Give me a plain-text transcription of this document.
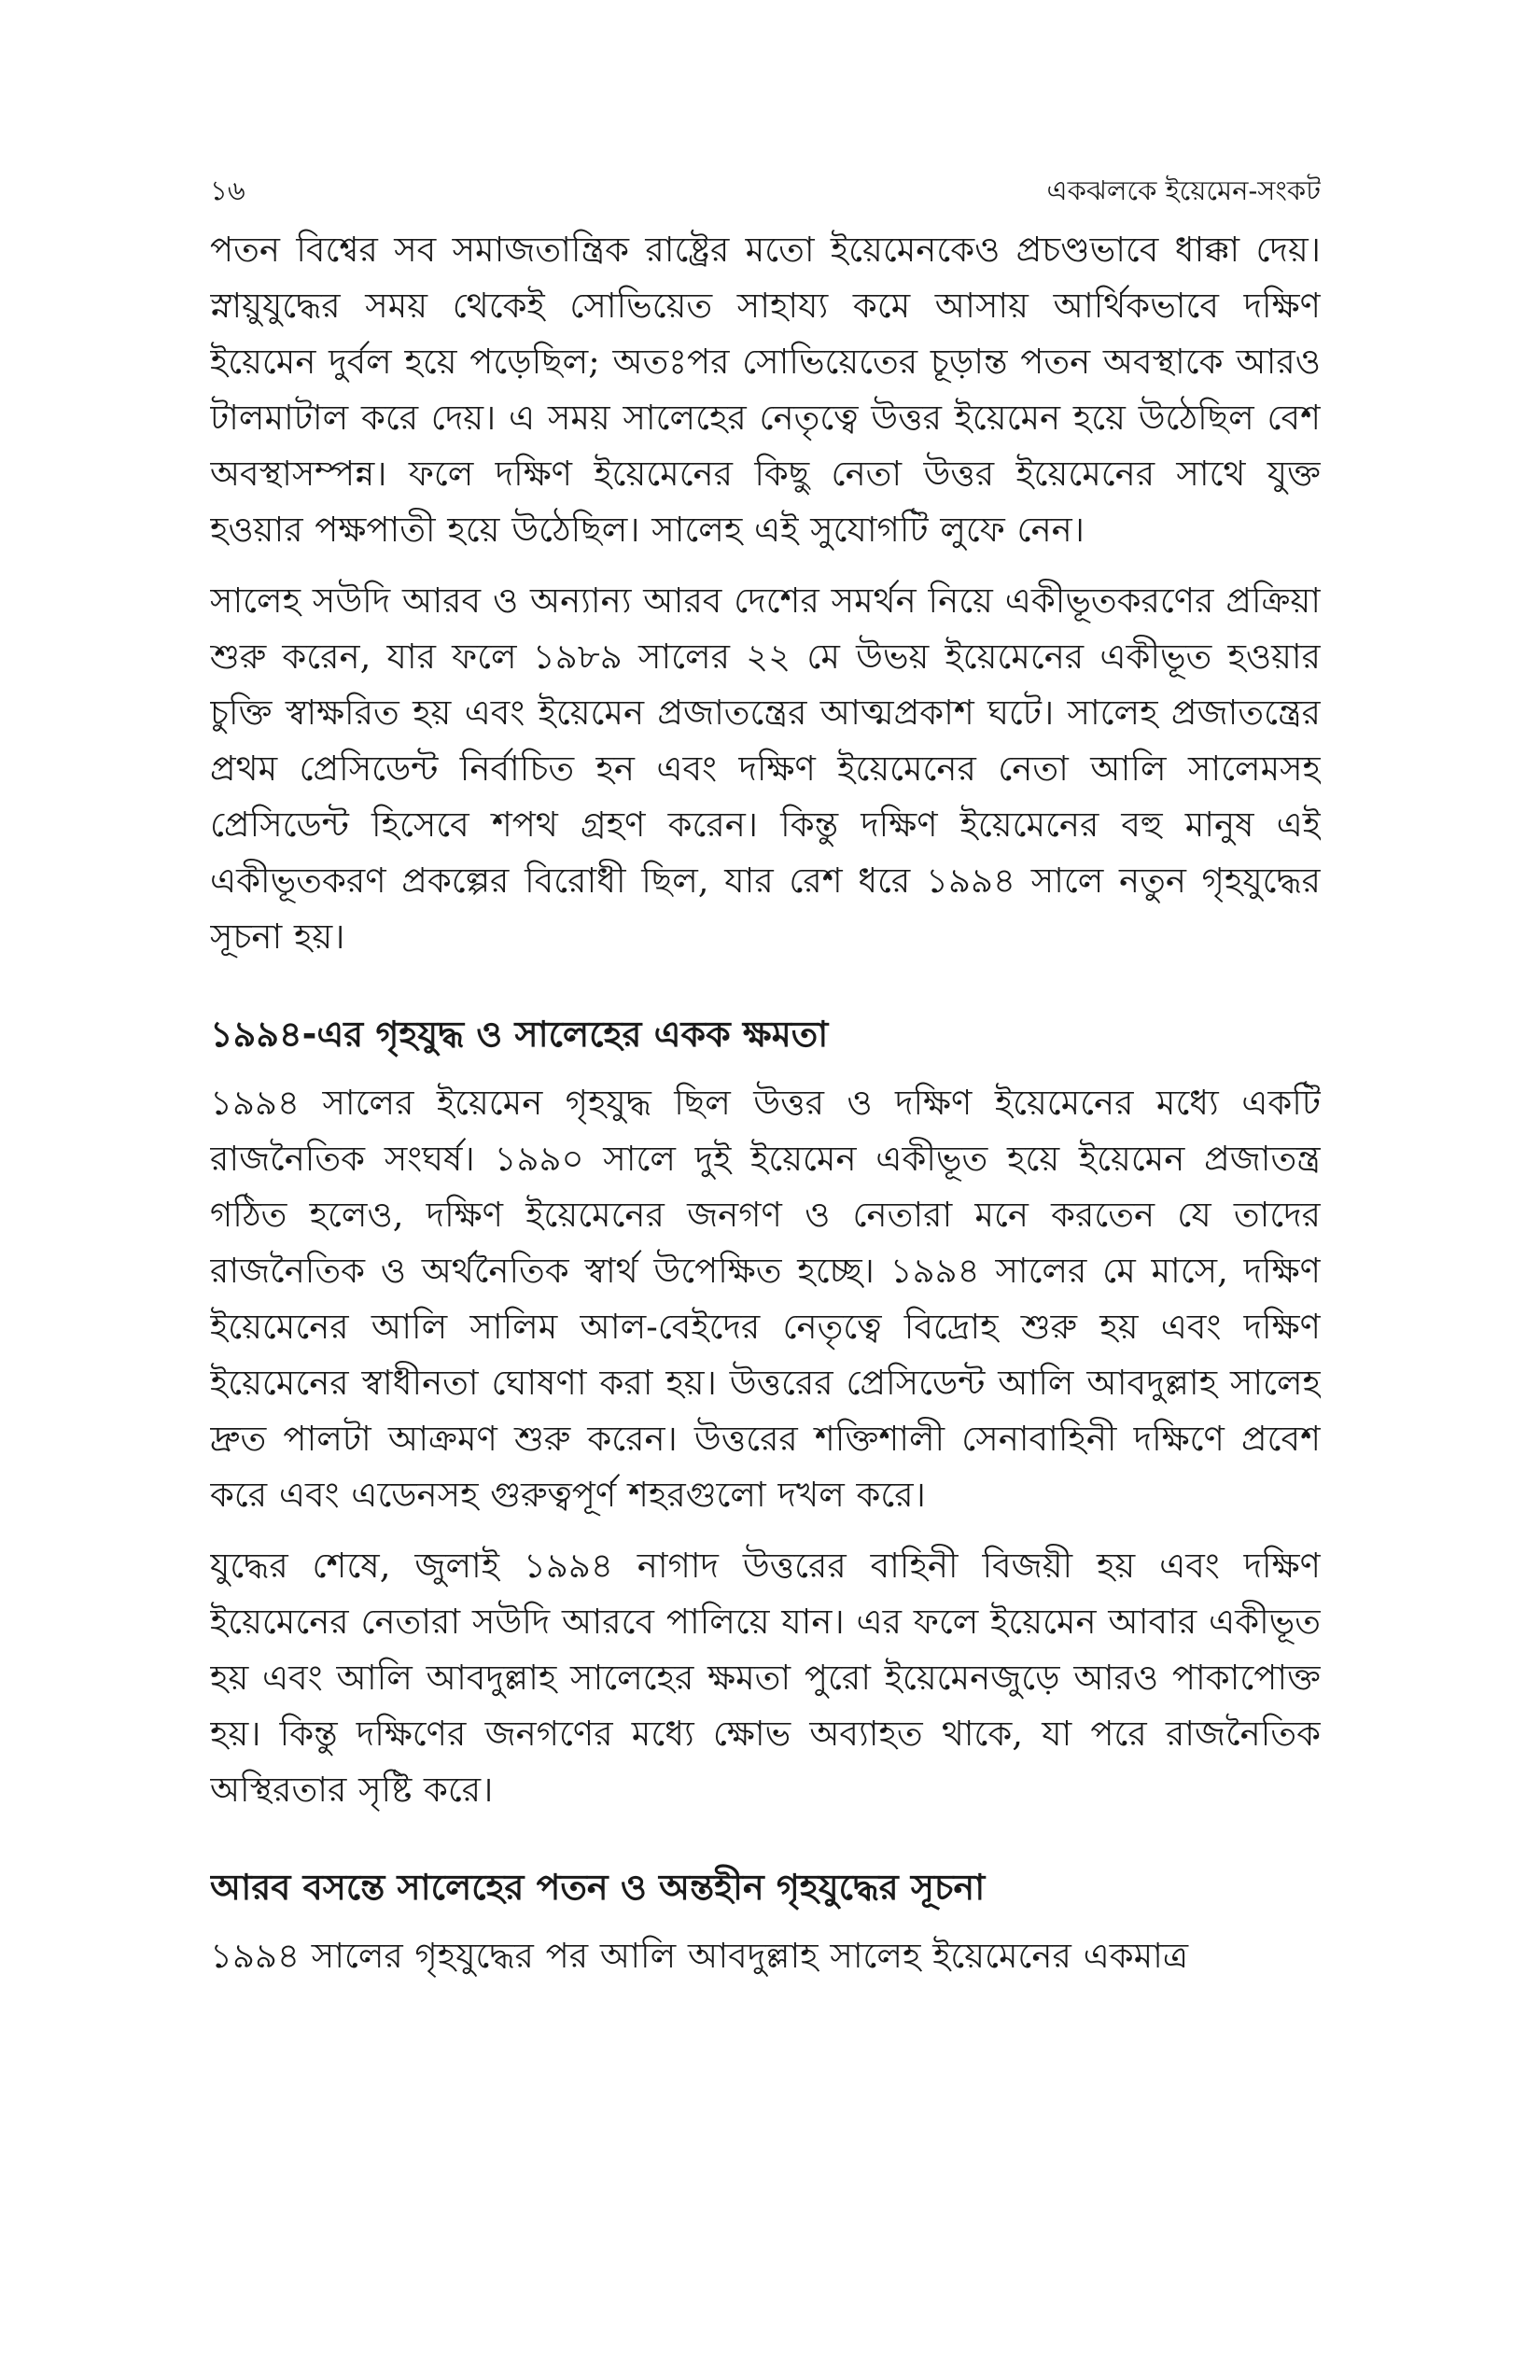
১৬	একঝলকে ইয়েমেন-সংকট

পতন বিশ্বের সব সমাজতান্ত্রিক রাষ্ট্রের মতো ইয়েমেনকেও প্রচণ্ডভাবে ধাক্কা দেয়। স্নায়ুযুদ্ধের সময় থেকেই সোভিয়েত সাহায্য কমে আসায় আর্থিকভাবে দক্ষিণ ইয়েমেন দুর্বল হয়ে পড়েছিল; অতঃপর সোভিয়েতের চূড়ান্ত পতন অবস্থাকে আরও টালমাটাল করে দেয়। এ সময় সালেহের নেতৃত্বে উত্তর ইয়েমেন হয়ে উঠেছিল বেশ অবস্থাসম্পন্ন। ফলে দক্ষিণ ইয়েমেনের কিছু নেতা উত্তর ইয়েমেনের সাথে যুক্ত হওয়ার পক্ষপাতী হয়ে উঠেছিল। সালেহ এই সুযোগটি লুফে নেন।

সালেহ সউদি আরব ও অন্যান্য আরব দেশের সমর্থন নিয়ে একীভূতকরণের প্রক্রিয়া শুরু করেন, যার ফলে ১৯৮৯ সালের ২২ মে উভয় ইয়েমেনের একীভূত হওয়ার চুক্তি স্বাক্ষরিত হয় এবং ইয়েমেন প্রজাতন্ত্রের আত্মপ্রকাশ ঘটে। সালেহ প্রজাতন্ত্রের প্রথম প্রেসিডেন্ট নির্বাচিত হন এবং দক্ষিণ ইয়েমেনের নেতা আলি সালেমসহ প্রেসিডেন্ট হিসেবে শপথ গ্রহণ করেন। কিন্তু দক্ষিণ ইয়েমেনের বহু মানুষ এই একীভূতকরণ প্রকল্পের বিরোধী ছিল, যার রেশ ধরে ১৯৯৪ সালে নতুন গৃহযুদ্ধের সূচনা হয়।

১৯৯৪-এর গৃহযুদ্ধ ও সালেহের একক ক্ষমতা

১৯৯৪ সালের ইয়েমেন গৃহযুদ্ধ ছিল উত্তর ও দক্ষিণ ইয়েমেনের মধ্যে একটি রাজনৈতিক সংঘর্ষ। ১৯৯০ সালে দুই ইয়েমেন একীভূত হয়ে ইয়েমেন প্রজাতন্ত্র গঠিত হলেও, দক্ষিণ ইয়েমেনের জনগণ ও নেতারা মনে করতেন যে তাদের রাজনৈতিক ও অর্থনৈতিক স্বার্থ উপেক্ষিত হচ্ছে। ১৯৯৪ সালের মে মাসে, দক্ষিণ ইয়েমেনের আলি সালিম আল-বেইদের নেতৃত্বে বিদ্রোহ শুরু হয় এবং দক্ষিণ ইয়েমেনের স্বাধীনতা ঘোষণা করা হয়। উত্তরের প্রেসিডেন্ট আলি আবদুল্লাহ সালেহ দ্রুত পালটা আক্রমণ শুরু করেন। উত্তরের শক্তিশালী সেনাবাহিনী দক্ষিণে প্রবেশ করে এবং এডেনসহ গুরুত্বপূর্ণ শহরগুলো দখল করে।

যুদ্ধের শেষে, জুলাই ১৯৯৪ নাগাদ উত্তরের বাহিনী বিজয়ী হয় এবং দক্ষিণ ইয়েমেনের নেতারা সউদি আরবে পালিয়ে যান। এর ফলে ইয়েমেন আবার একীভূত হয় এবং আলি আবদুল্লাহ সালেহের ক্ষমতা পুরো ইয়েমেনজুড়ে আরও পাকাপোক্ত হয়। কিন্তু দক্ষিণের জনগণের মধ্যে ক্ষোভ অব্যাহত থাকে, যা পরে রাজনৈতিক অস্থিরতার সৃষ্টি করে।

আরব বসন্তে সালেহের পতন ও অন্তহীন গৃহযুদ্ধের সূচনা

১৯৯৪ সালের গৃহযুদ্ধের পর আলি আবদুল্লাহ সালেহ ইয়েমেনের একমাত্র
